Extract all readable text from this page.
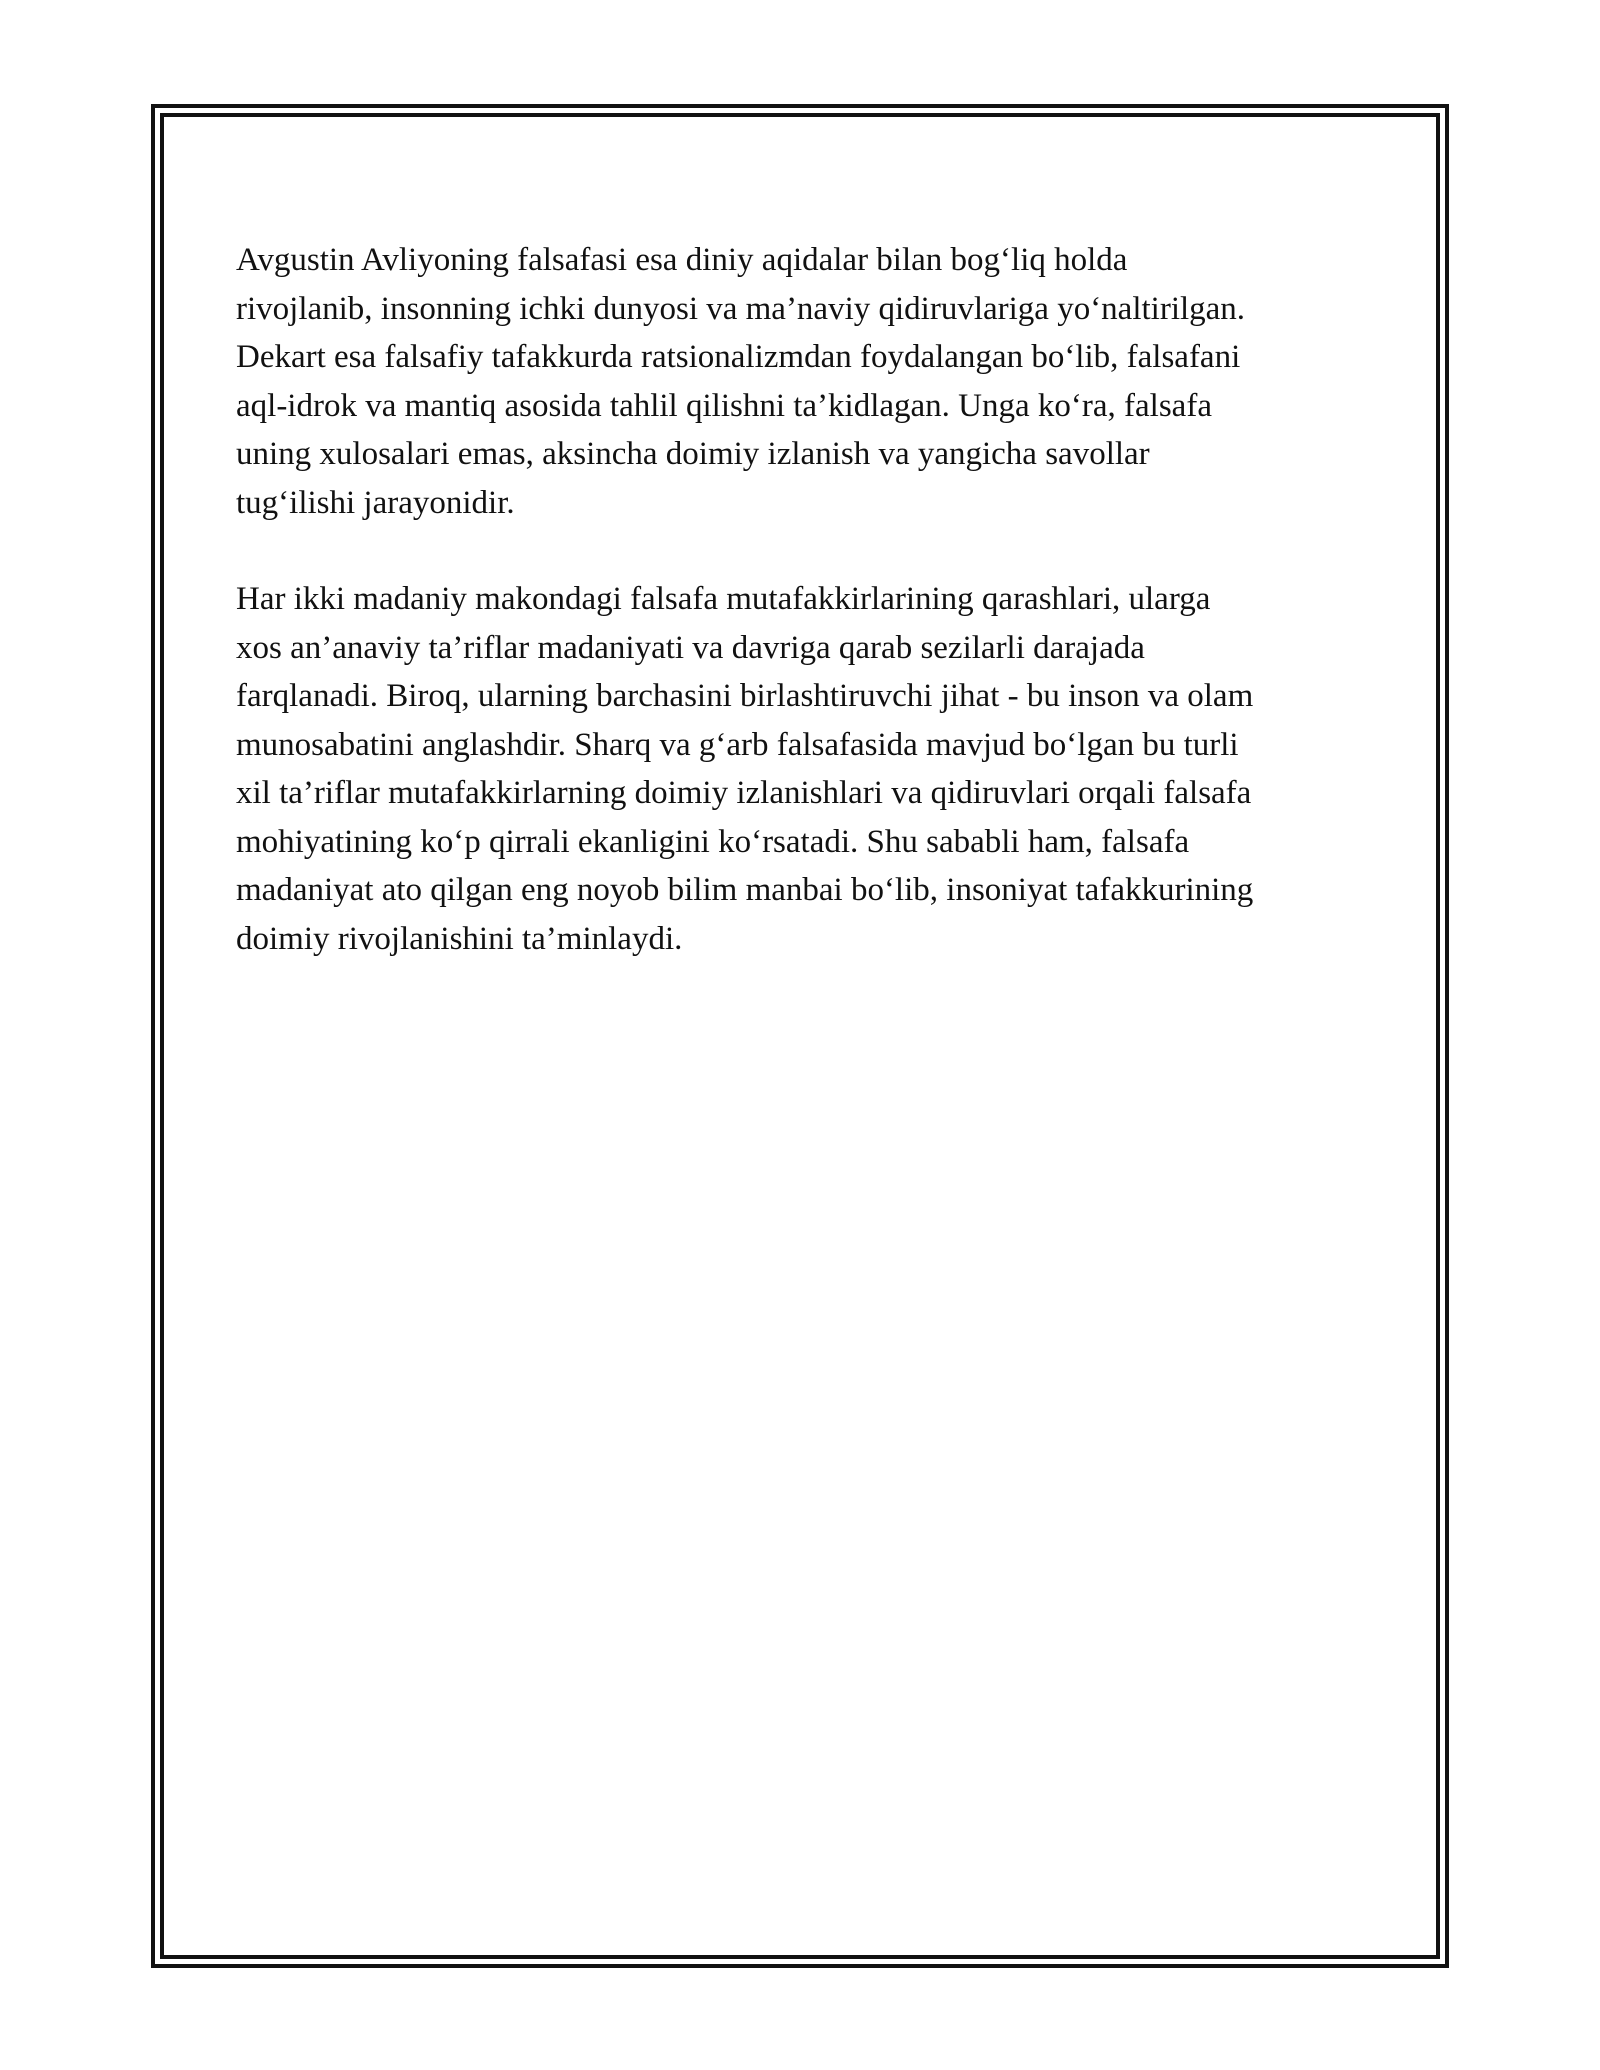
Avgustin Avliyoning falsafasi esa diniy aqidalar bilan bog‘liq holda
rivojlanib, insonning ichki dunyosi va ma’naviy qidiruvlariga yo‘naltirilgan.
Dekart esa falsafiy tafakkurda ratsionalizmdan foydalangan bo‘lib, falsafani
aql-idrok va mantiq asosida tahlil qilishni ta’kidlagan. Unga ko‘ra, falsafa
uning xulosalari emas, aksincha doimiy izlanish va yangicha savollar
tug‘ilishi jarayonidir.

Har ikki madaniy makondagi falsafa mutafakkirlarining qarashlari, ularga
xos an’anaviy ta’riflar madaniyati va davriga qarab sezilarli darajada
farqlanadi. Biroq, ularning barchasini birlashtiruvchi jihat - bu inson va olam
munosabatini anglashdir. Sharq va g‘arb falsafasida mavjud bo‘lgan bu turli
xil ta’riflar mutafakkirlarning doimiy izlanishlari va qidiruvlari orqali falsafa
mohiyatining ko‘p qirrali ekanligini ko‘rsatadi. Shu sababli ham, falsafa
madaniyat ato qilgan eng noyob bilim manbai bo‘lib, insoniyat tafakkurining
doimiy rivojlanishini ta’minlaydi.
